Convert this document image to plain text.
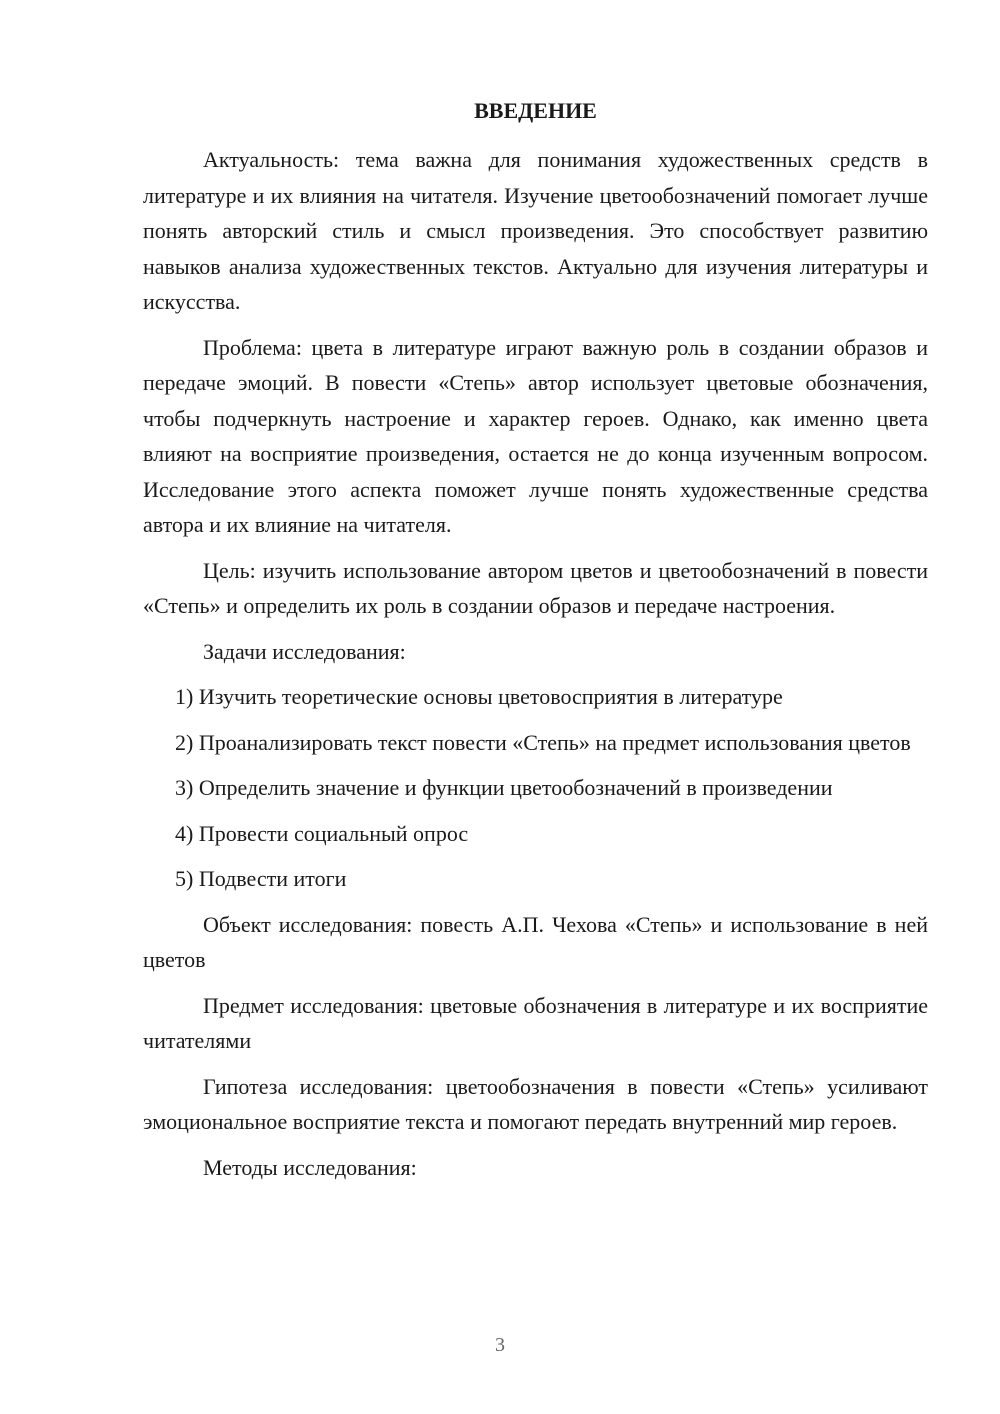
ВВЕДЕНИЕ

Актуальность: тема важна для понимания художественных средств в литературе и их влияния на читателя. Изучение цветообозначений помогает лучше понять авторский стиль и смысл произведения. Это способствует развитию навыков анализа художественных текстов. Актуально для изучения литературы и искусства.

Проблема: цвета в литературе играют важную роль в создании образов и передаче эмоций. В повести «Степь» автор использует цветовые обозначения, чтобы подчеркнуть настроение и характер героев. Однако, как именно цвета влияют на восприятие произведения, остается не до конца изученным вопросом. Исследование этого аспекта поможет лучше понять художественные средства автора и их влияние на читателя.

Цель: изучить использование автором цветов и цветообозначений в повести «Степь» и определить их роль в создании образов и передаче настроения.

Задачи исследования:

1) Изучить теоретические основы цветовосприятия в литературе

2) Проанализировать текст повести «Степь» на предмет использования цветов

3) Определить значение и функции цветообозначений в произведении

4) Провести социальный опрос

5) Подвести итоги

Объект исследования: повесть А.П. Чехова «Степь» и использование в ней цветов

Предмет исследования: цветовые обозначения в литературе и их восприятие читателями

Гипотеза исследования: цветообозначения в повести «Степь» усиливают эмоциональное восприятие текста и помогают передать внутренний мир героев.

Методы исследования:

3
